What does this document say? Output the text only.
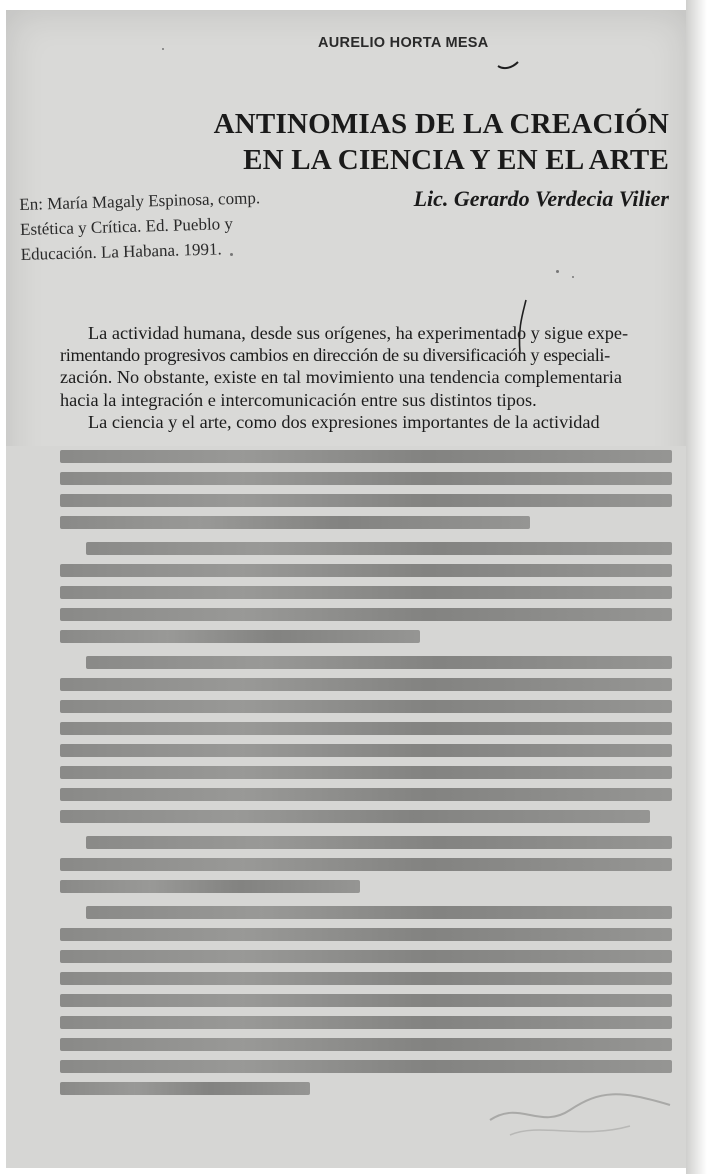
AURELIO HORTA MESA
ANTINOMIAS DE LA CREACIÓN
EN LA CIENCIA Y EN EL ARTE
Lic. Gerardo Verdecia Vilier
En: María Magaly Espinosa, comp.
Estética y Crítica. Ed. Pueblo y
Educación. La Habana. 1991.

La actividad humana, desde sus orígenes, ha experimentado y sigue expe-
rimentando progresivos cambios en dirección de su diversificación y especiali-
zación. No obstante, existe en tal movimiento una tendencia complementaria
hacia la integración e intercomunicación entre sus distintos tipos.

La ciencia y el arte, como dos expresiones importantes de la actividad
